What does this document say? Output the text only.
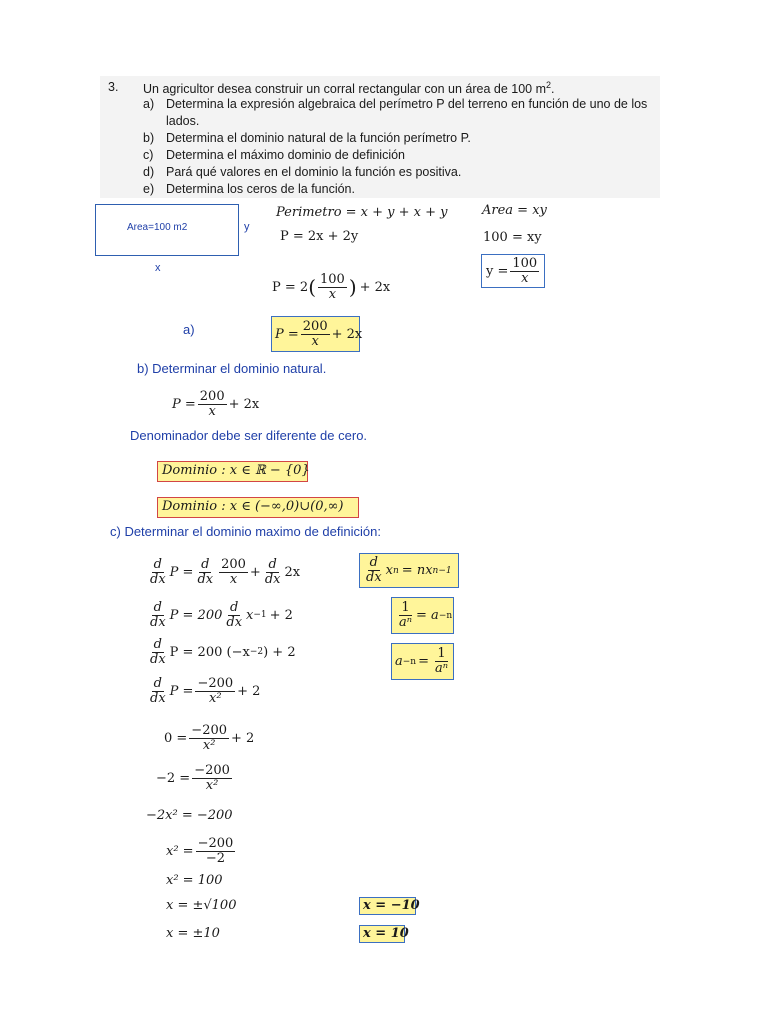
3. Un agricultor desea construir un corral rectangular con un área de 100 $m^2$.
a) Determina la expresión algebraica del perímetro P del terreno en función de uno de los
lados.
b) Determina el dominio natural de la función perímetro P.
c) Determina el máximo dominio de definición
d) Pará qué valores en el dominio la función es positiva.
e) Determina los ceros de la función.
Area=100 m2	y
x
Perimetro = x + y + x + y
P = 2x + 2y
Area = xy
100 = xy
$y = \frac{100}{x}$
P = 2 ( $\frac{100}{x}$ ) + 2x
a)	$P = \frac{200}{x} + 2x$
b) Determinar el dominio natural.
$P = \frac{200}{x} + 2x$
Denominador debe ser diferente de cero.
Dominio : x ∈ ℝ − {0}
Dominio : x ∈ (−∞,0)∪(0,∞)
c) Determinar el dominio maximo de definición:
$\frac{d}{dx}$ $P = \frac{d}{dx} \frac{200}{x} + \frac{d}{dx} 2x$
$\frac{d}{dx}$ $P = 200 \frac{d}{dx}$ x −1 + 2
$\frac{d}{dx}$ P = 200 (−x −2 ) + 2
$\frac{d}{dx}$ $P = \frac{-200}{\text{x²}} + 2$
$\frac{d}{dx}$ x n = nx n−1
$\frac{1}{\text{aⁿ}} = a -n$
$a -n = \frac{1}{\text{aⁿ}}$
$0 = \frac{-200}{\text{x²}} + 2$
$-2 = \frac{-200}{\text{x²}}$
−2x² = −200
$x^2 = \frac{-200}{-2}$
x² = 100
x = ±√100
x = ±10
x = −10
x = 10
